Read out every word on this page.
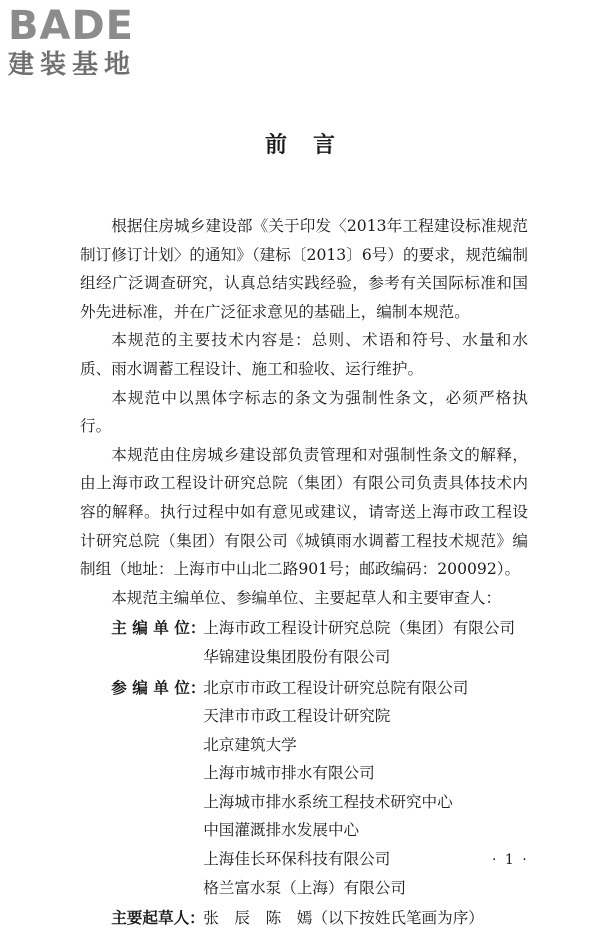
BADE
建装基地
前言

根据住房城乡建设部《关于印发〈2013年工程建设标准规范制订修订计划〉的通知》（建标〔2013〕6号）的要求，规范编制组经广泛调查研究，认真总结实践经验，参考有关国际标准和国外先进标准，并在广泛征求意见的基础上，编制本规范。

本规范的主要技术内容是：总则、术语和符号、水量和水质、雨水调蓄工程设计、施工和验收、运行维护。

本规范中以黑体字标志的条文为强制性条文，必须严格执行。

本规范由住房城乡建设部负责管理和对强制性条文的解释，由上海市政工程设计研究总院（集团）有限公司负责具体技术内容的解释。执行过程中如有意见或建议，请寄送上海市政工程设计研究总院（集团）有限公司《城镇雨水调蓄工程技术规范》编制组（地址：上海市中山北二路901号；邮政编码：200092）。

本规范主编单位、参编单位、主要起草人和主要审查人：

主 编 单 位：
上海市政工程设计研究总院（集团）有限公司
华锦建设集团股份有限公司
参 编 单 位：
北京市市政工程设计研究总院有限公司
天津市市政工程设计研究院
北京建筑大学
上海市城市排水有限公司
上海城市排水系统工程技术研究中心
中国灌溉排水发展中心
上海佳长环保科技有限公司
格兰富水泵（上海）有限公司
主要起草人：
张　辰　陈　嫣（以下按姓氏笔画为序）
· 1 ·
